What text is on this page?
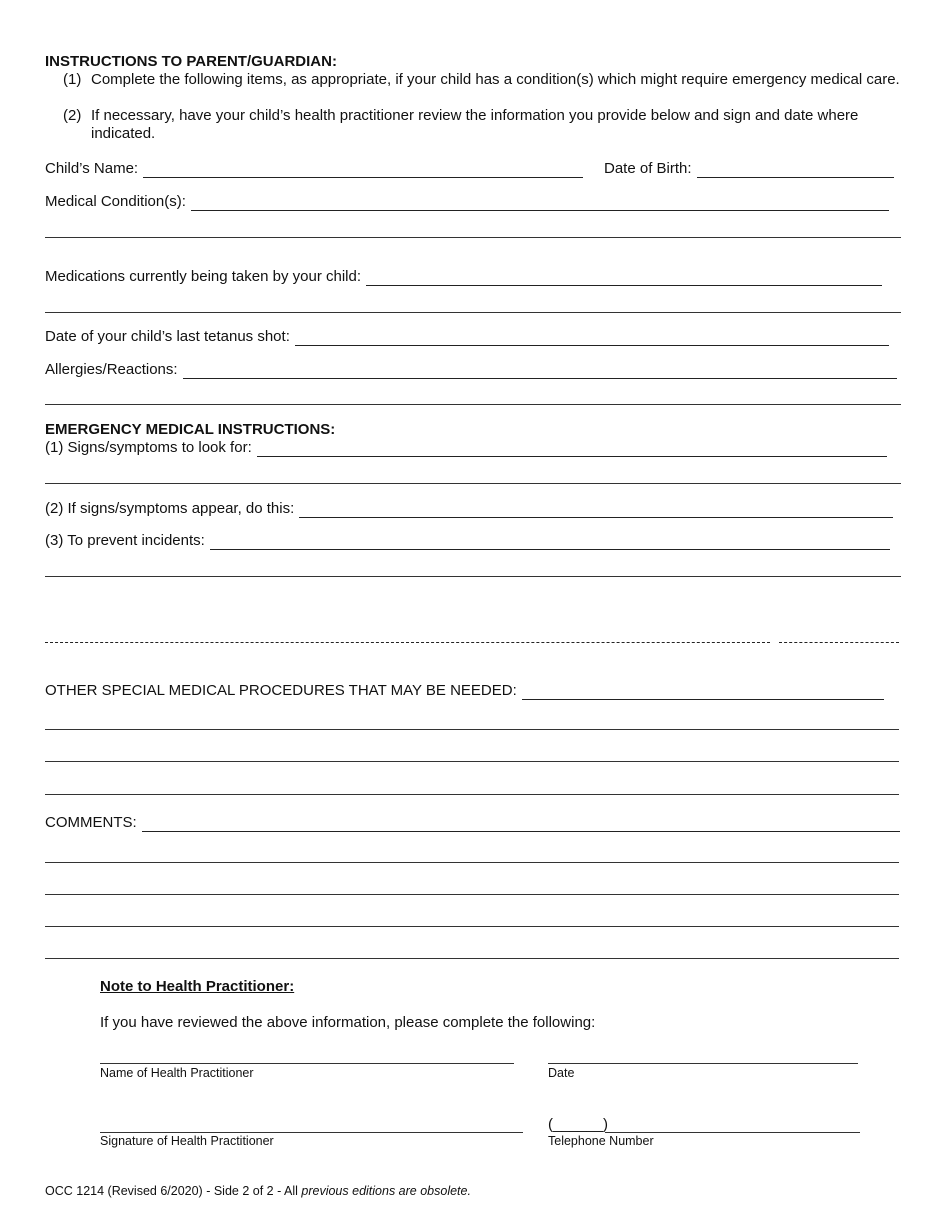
INSTRUCTIONS TO PARENT/GUARDIAN:
(1) Complete the following items, as appropriate, if your child has a condition(s) which might require emergency medical care.
(2) If necessary, have your child’s health practitioner review the information you provide below and sign and date where indicated.
Child’s Name:	Date of Birth:
Medical Condition(s):
Medications currently being taken by your child:
Date of your child’s last tetanus shot:
Allergies/Reactions:
EMERGENCY MEDICAL INSTRUCTIONS:
(1) Signs/symptoms to look for:
(2) If signs/symptoms appear, do this:
(3) To prevent incidents:
OTHER SPECIAL MEDICAL PROCEDURES THAT MAY BE NEEDED:
COMMENTS:
Note to Health Practitioner:
If you have reviewed the above information, please complete the following:
Name of Health Practitioner	Date
Signature of Health Practitioner
(______)
Telephone Number
OCC 1214 (Revised 6/2020) - Side 2 of 2 - All previous editions are obsolete.
